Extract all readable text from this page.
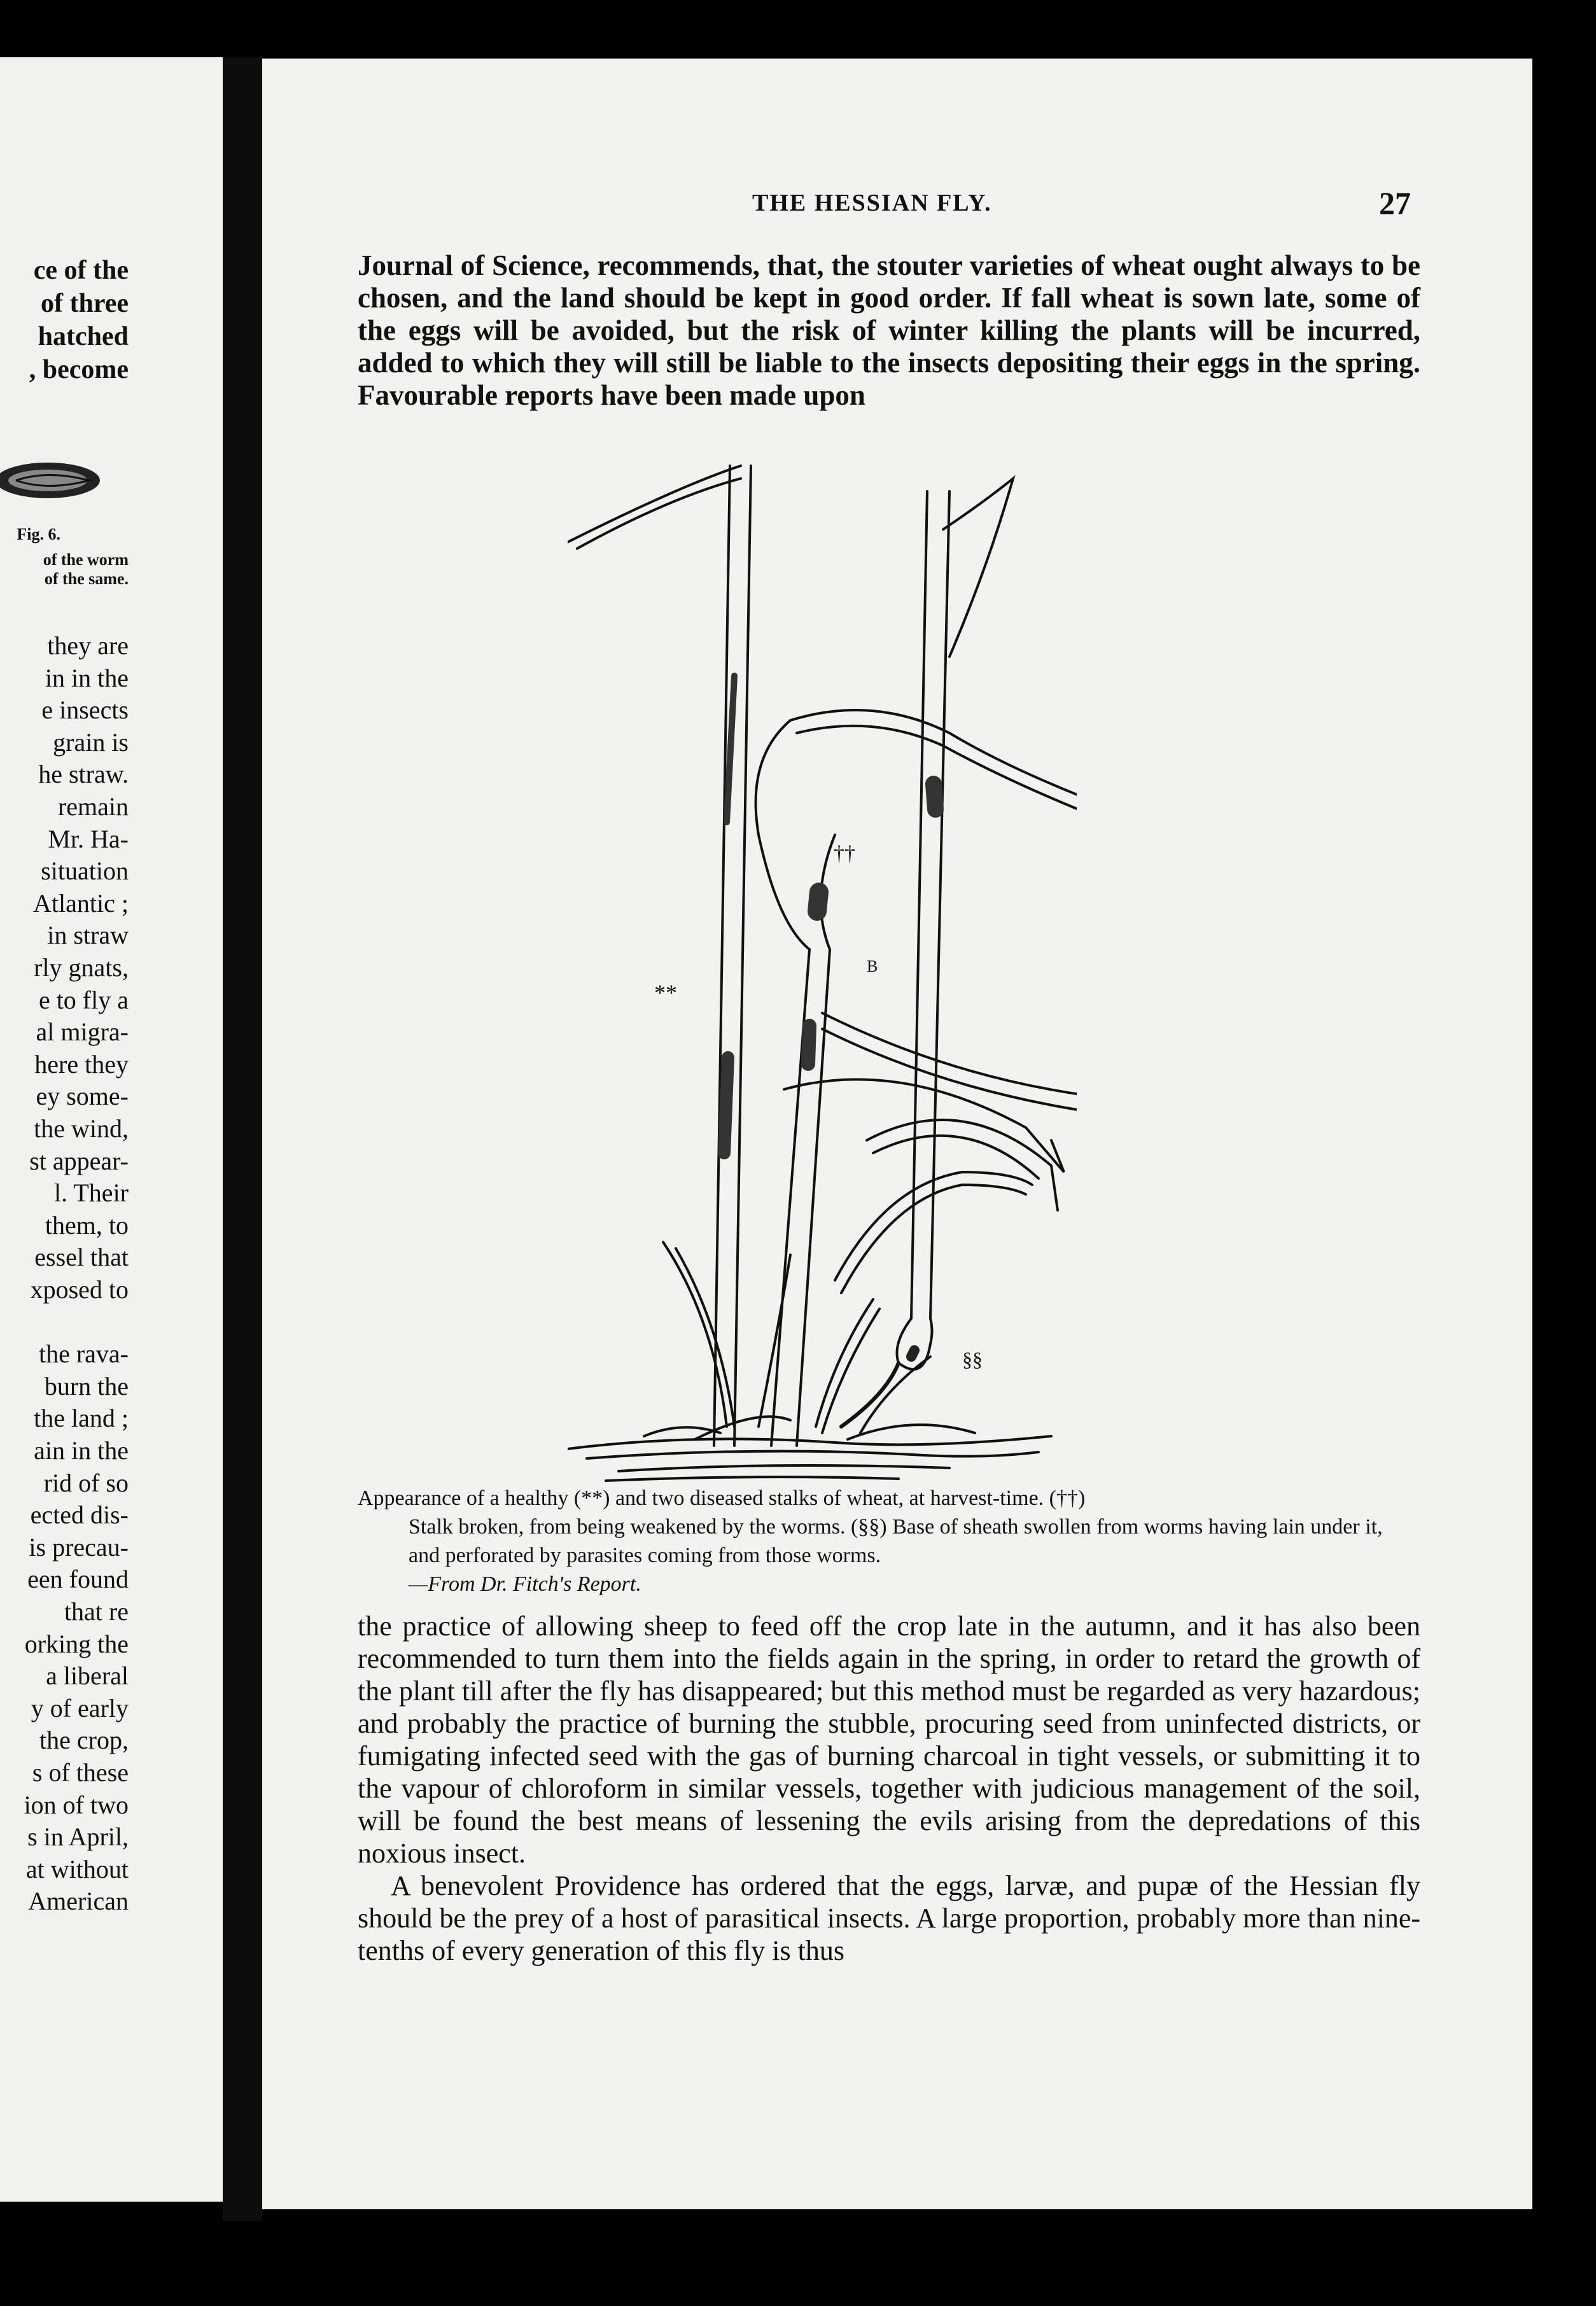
ce of the
of three
hatched
, become
Fig. 6.
of the worm
of the same.
they are
in in the
e insects
grain is
he straw.
remain
Mr. Ha-
situation
Atlantic ;
in straw
rly gnats,
e to fly a
al migra-
here they
ey some-
the wind,
st appear-
l. Their
them, to
essel that
xposed to
the rava-
burn the
the land ;
ain in the
rid of so
ected dis-
is precau-
een found
that re
orking the
a liberal
y of early
the crop,
s of these
ion of two
s in April,
at without
American
THE HESSIAN FLY.	27

Journal of Science, recommends, that, the stouter varieties of wheat ought always to be chosen, and the land should be kept in good order. If fall wheat is sown late, some of the eggs will be avoided, but the risk of winter killing the plants will be incurred, added to which they will still be liable to the insects depositing their eggs in the spring. Favourable reports have been made upon

**
††
B
§§
Appearance of a healthy (**) and two diseased stalks of wheat, at harvest-time. (††)
Stalk broken, from being weakened by the worms. (§§) Base of sheath swollen from worms having lain under it, and perforated by parasites coming from those worms.
—From Dr. Fitch's Report.

the practice of allowing sheep to feed off the crop late in the autumn, and it has also been recommended to turn them into the fields again in the spring, in order to retard the growth of the plant till after the fly has disappeared; but this method must be regarded as very hazardous; and probably the practice of burning the stubble, procuring seed from uninfected districts, or fumigating infected seed with the gas of burning charcoal in tight vessels, or submitting it to the vapour of chloroform in similar vessels, together with judicious management of the soil, will be found the best means of lessening the evils arising from the depredations of this noxious insect.

A benevolent Providence has ordered that the eggs, larvæ, and pupæ of the Hessian fly should be the prey of a host of parasitical insects. A large proportion, probably more than nine-tenths of every generation of this fly is thus
